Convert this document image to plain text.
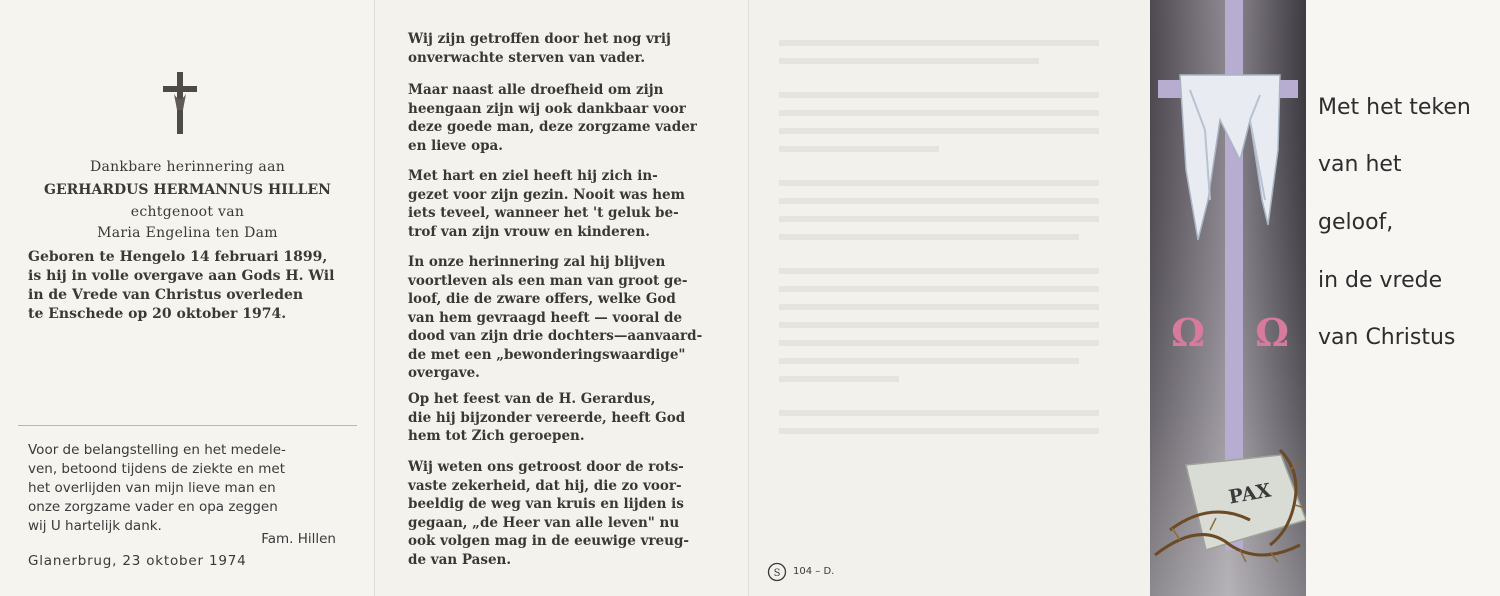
Dankbare herinnering aan
GERHARDUS HERMANNUS HILLEN
echtgenoot van
Maria Engelina ten Dam
Geboren te Hengelo 14 februari 1899,
is hij in volle overgave aan Gods H. Wil
in de Vrede van Christus overleden
te Enschede op 20 oktober 1974.
Voor de belangstelling en het medele-
ven, betoond tijdens de ziekte en met
het overlijden van mijn lieve man en
onze zorgzame vader en opa zeggen
wij U hartelijk dank.
Fam. Hillen
Glanerbrug, 23 oktober 1974
Wij zijn getroffen door het nog vrij
onverwachte sterven van vader.
Maar naast alle droefheid om zijn
heengaan zijn wij ook dankbaar voor
deze goede man, deze zorgzame vader
en lieve opa.
Met hart en ziel heeft hij zich in-
gezet voor zijn gezin. Nooit was hem
iets teveel, wanneer het 't geluk be-
trof van zijn vrouw en kinderen.
In onze herinnering zal hij blijven
voortleven als een man van groot ge-
loof, die de zware offers, welke God
van hem gevraagd heeft — vooral de
dood van zijn drie dochters—aanvaard-
de met een „bewonderingswaardige"
overgave.
Op het feest van de H. Gerardus,
die hij bijzonder vereerde, heeft God
hem tot Zich geroepen.
Wij weten ons getroost door de rots-
vaste zekerheid, dat hij, die zo voor-
beeldig de weg van kruis en lijden is
gegaan, „de Heer van alle leven" nu
ook volgen mag in de eeuwige vreug-
de van Pasen.
S 104 – D.
Ω Ω
PAX
Met het teken
van het
geloof,
in de vrede
van Christus
